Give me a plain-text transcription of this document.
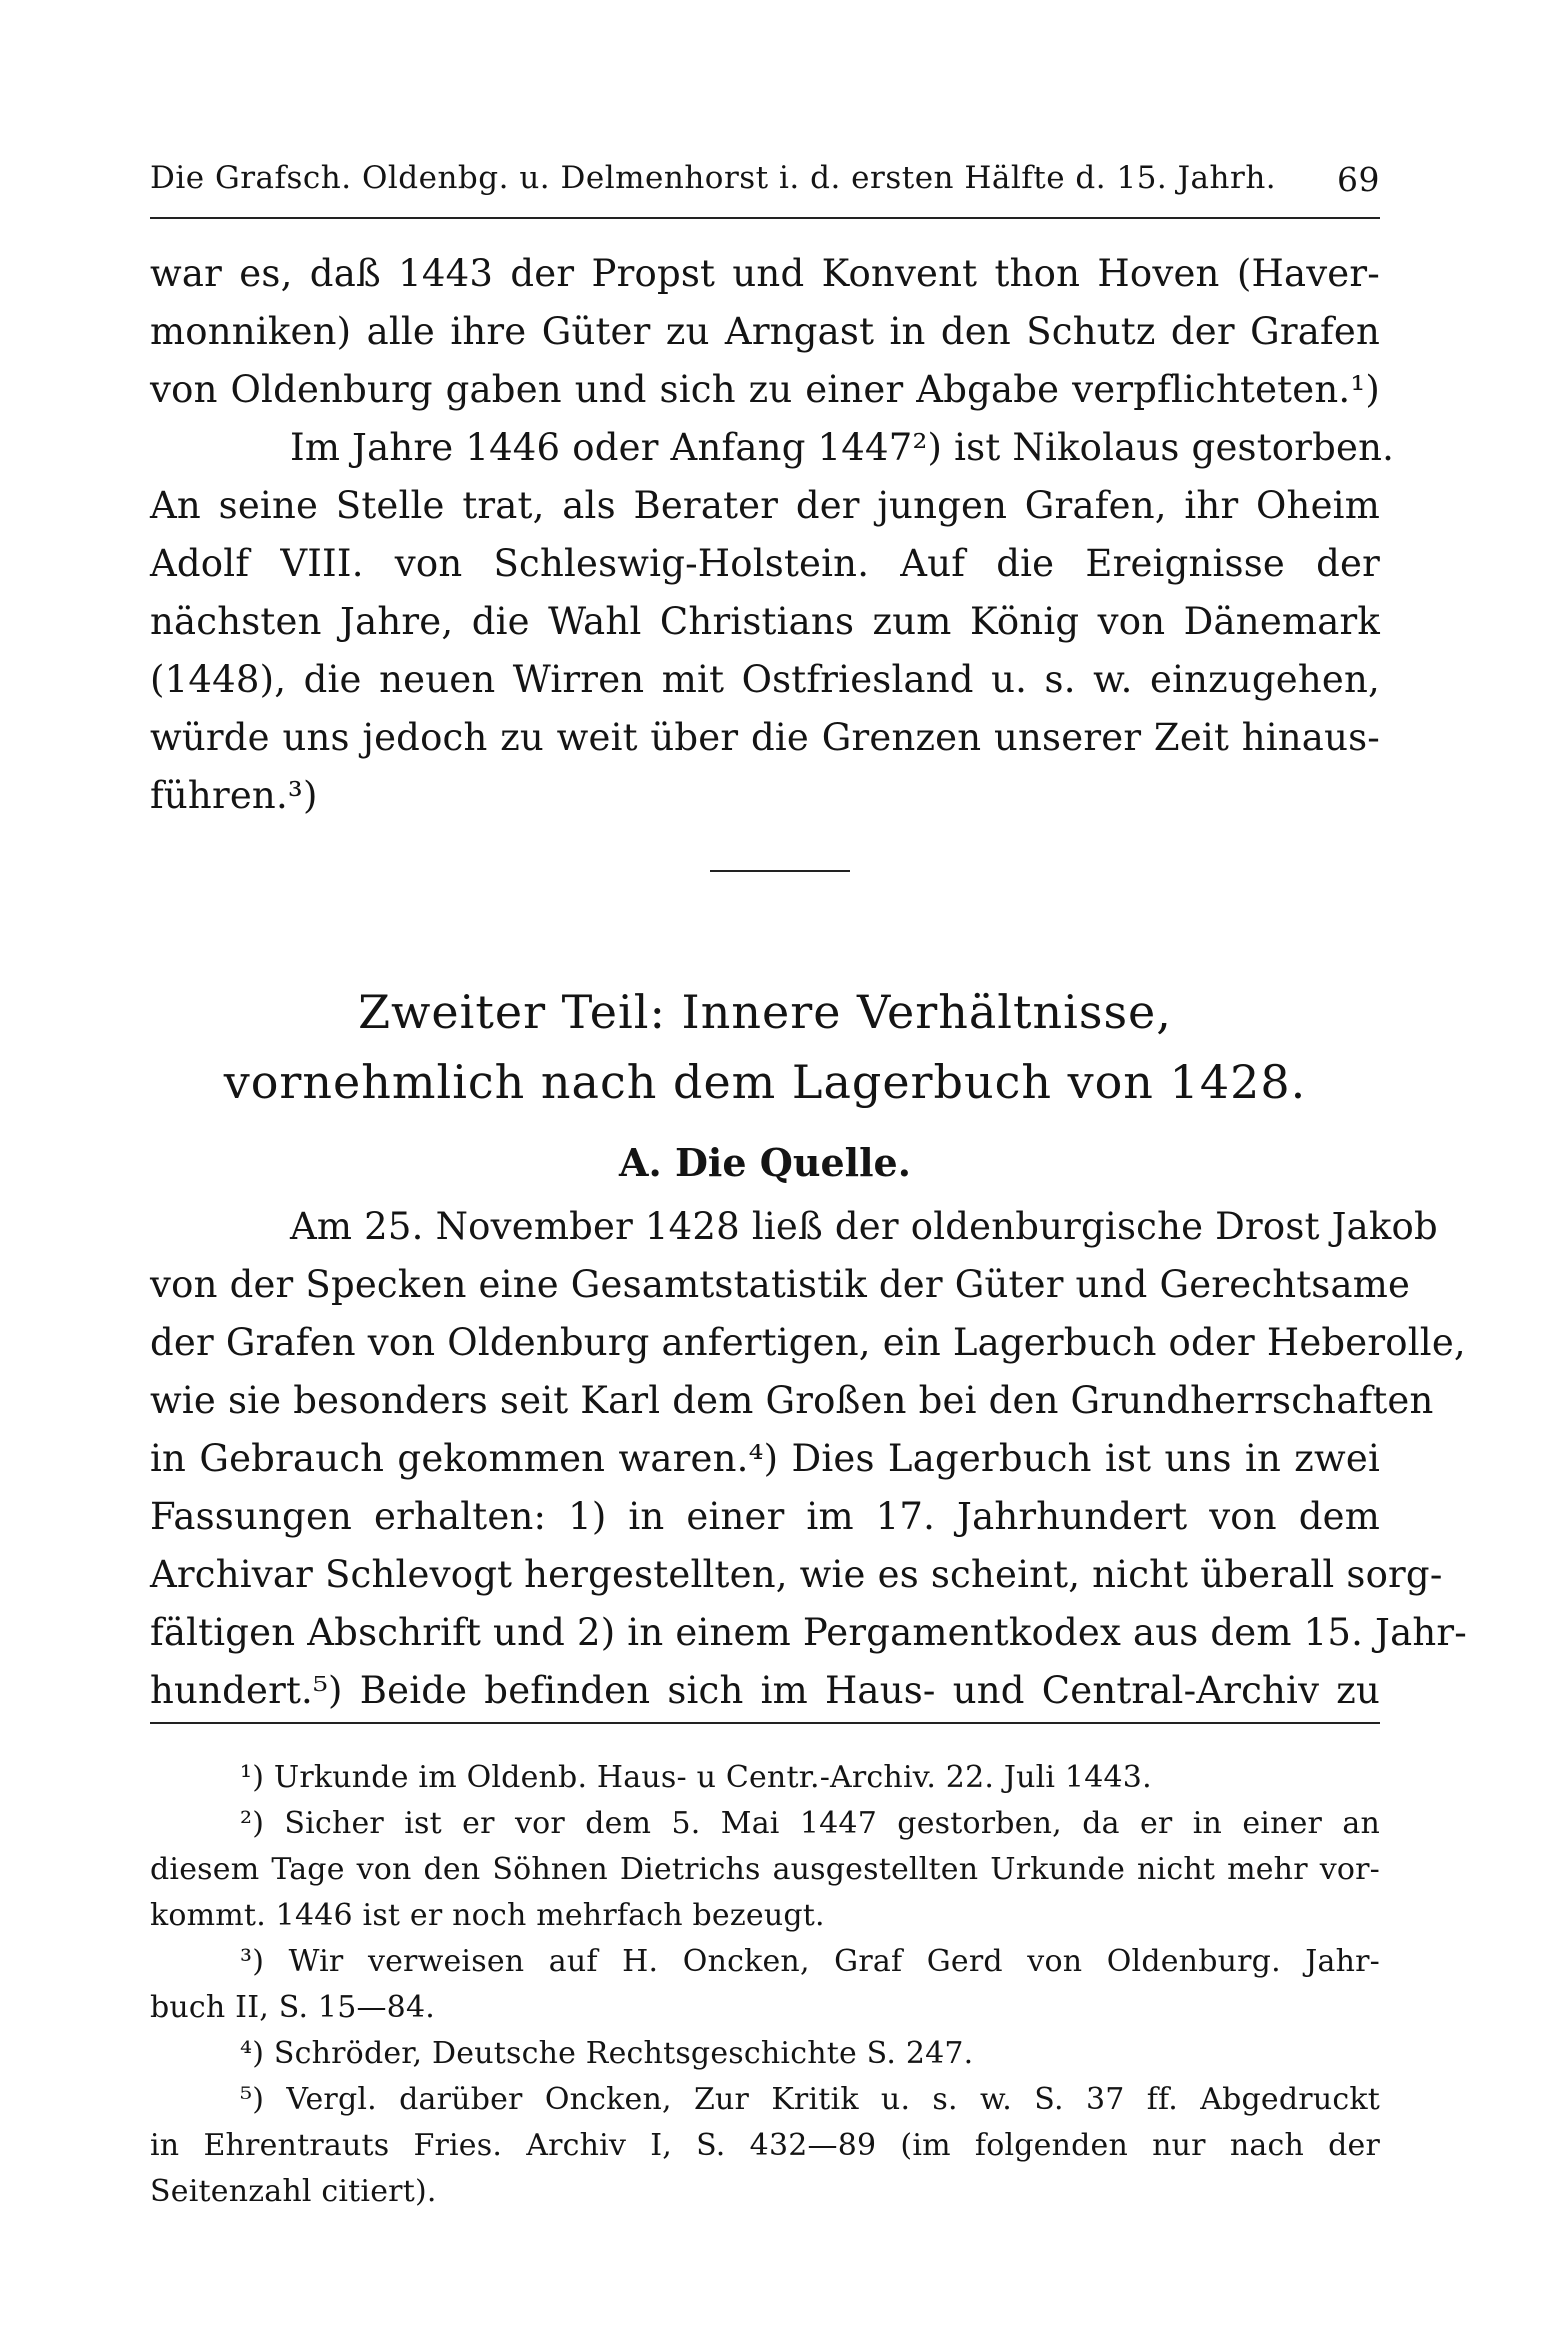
Die Grafsch. Oldenbg. u. Delmenhorst i. d. ersten Hälfte d. 15. Jahrh. 69
war es, daß 1443 der Propst und Konvent thon Hoven (Haver-
monniken) alle ihre Güter zu Arngast in den Schutz der Grafen
von Oldenburg gaben und sich zu einer Abgabe verpflichteten.¹)
Im Jahre 1446 oder Anfang 1447²) ist Nikolaus gestorben.
An seine Stelle trat, als Berater der jungen Grafen, ihr Oheim
Adolf VIII. von Schleswig-Holstein. Auf die Ereignisse der
nächsten Jahre, die Wahl Christians zum König von Dänemark
(1448), die neuen Wirren mit Ostfriesland u. s. w. einzugehen,
würde uns jedoch zu weit über die Grenzen unserer Zeit hinaus-
führen.³)
Zweiter Teil: Innere Verhältnisse,
vornehmlich nach dem Lagerbuch von 1428.
A. Die Quelle.
Am 25. November 1428 ließ der oldenburgische Drost Jakob
von der Specken eine Gesamtstatistik der Güter und Gerechtsame
der Grafen von Oldenburg anfertigen, ein Lagerbuch oder Heberolle,
wie sie besonders seit Karl dem Großen bei den Grundherrschaften
in Gebrauch gekommen waren.⁴) Dies Lagerbuch ist uns in zwei
Fassungen erhalten: 1) in einer im 17. Jahrhundert von dem
Archivar Schlevogt hergestellten, wie es scheint, nicht überall sorg-
fältigen Abschrift und 2) in einem Pergamentkodex aus dem 15. Jahr-
hundert.⁵) Beide befinden sich im Haus- und Central-Archiv zu
¹) Urkunde im Oldenb. Haus- u Centr.-Archiv. 22. Juli 1443.
²) Sicher ist er vor dem 5. Mai 1447 gestorben, da er in einer an
diesem Tage von den Söhnen Dietrichs ausgestellten Urkunde nicht mehr vor-
kommt. 1446 ist er noch mehrfach bezeugt.
³) Wir verweisen auf H. Oncken, Graf Gerd von Oldenburg. Jahr-
buch II, S. 15—84.
⁴) Schröder, Deutsche Rechtsgeschichte S. 247.
⁵) Vergl. darüber Oncken, Zur Kritik u. s. w. S. 37 ff. Abgedruckt
in Ehrentrauts Fries. Archiv I, S. 432—89 (im folgenden nur nach der
Seitenzahl citiert).
